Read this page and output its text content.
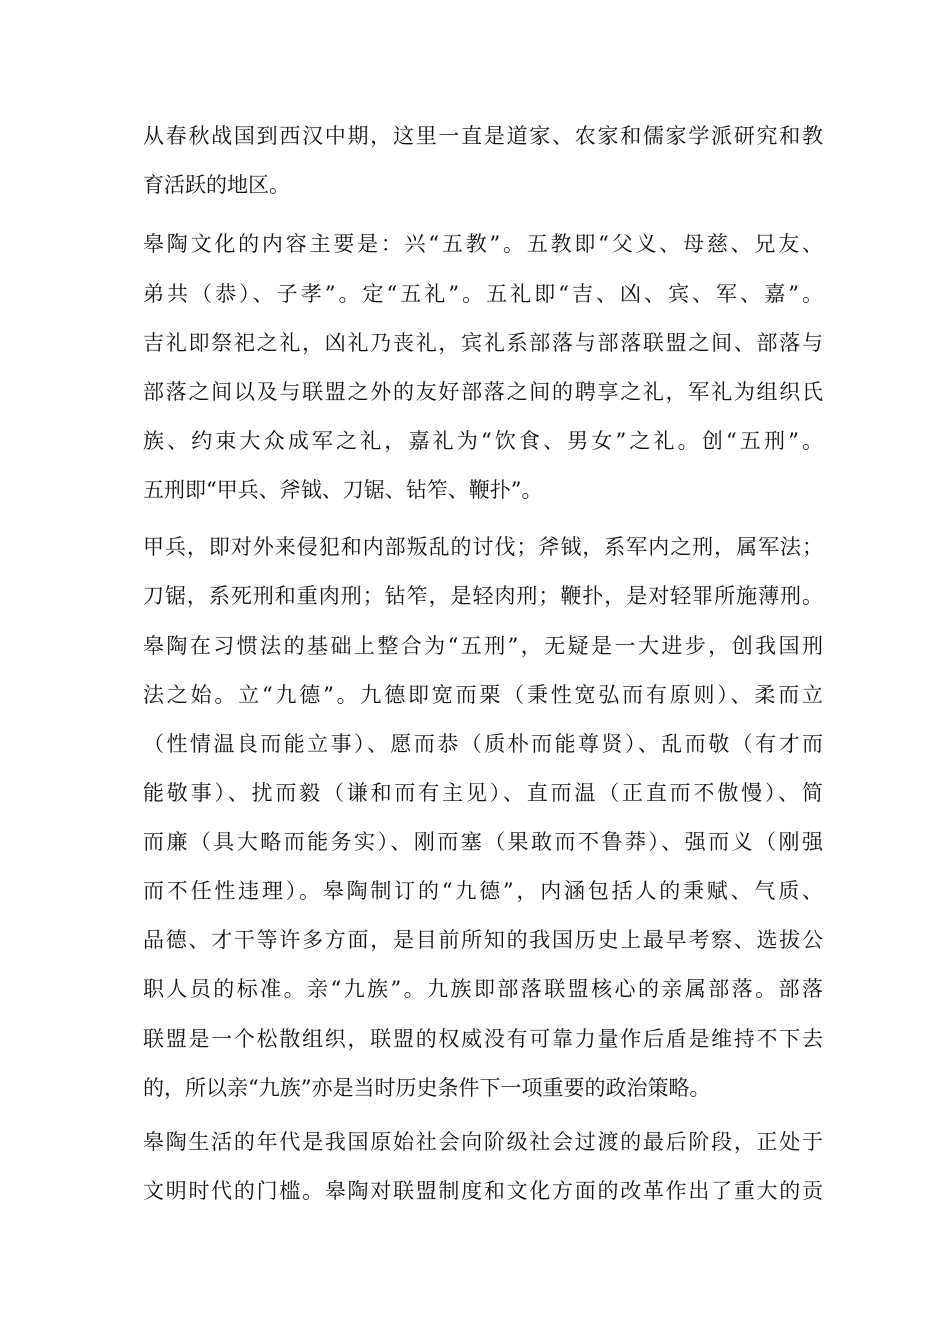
从春秋战国到西汉中期，这里一直是道家、农家和儒家学派研究和教
育活跃的地区。
皋陶文化的内容主要是：兴“五教”。五教即“父义、母慈、兄友、
弟共（恭）、子孝”。定“五礼”。五礼即“吉、凶、宾、军、嘉”。
吉礼即祭祀之礼，凶礼乃丧礼，宾礼系部落与部落联盟之间、部落与
部落之间以及与联盟之外的友好部落之间的聘享之礼，军礼为组织氏
族、约束大众成军之礼，嘉礼为“饮食、男女”之礼。创“五刑”。
五刑即“甲兵、斧钺、刀锯、钻笮、鞭扑”。
甲兵，即对外来侵犯和内部叛乱的讨伐；斧钺，系军内之刑，属军法；
刀锯，系死刑和重肉刑；钻笮，是轻肉刑；鞭扑，是对轻罪所施薄刑。
皋陶在习惯法的基础上整合为“五刑”，无疑是一大进步，创我国刑
法之始。立“九德”。九德即宽而栗（秉性宽弘而有原则）、柔而立
（性情温良而能立事）、愿而恭（质朴而能尊贤）、乱而敬（有才而
能敬事）、扰而毅（谦和而有主见）、直而温（正直而不傲慢）、简
而廉（具大略而能务实）、刚而塞（果敢而不鲁莽）、强而义（刚强
而不任性违理）。皋陶制订的“九德”，内涵包括人的秉赋、气质、
品德、才干等许多方面，是目前所知的我国历史上最早考察、选拔公
职人员的标准。亲“九族”。九族即部落联盟核心的亲属部落。部落
联盟是一个松散组织，联盟的权威没有可靠力量作后盾是维持不下去
的，所以亲“九族”亦是当时历史条件下一项重要的政治策略。
皋陶生活的年代是我国原始社会向阶级社会过渡的最后阶段，正处于
文明时代的门槛。皋陶对联盟制度和文化方面的改革作出了重大的贡
